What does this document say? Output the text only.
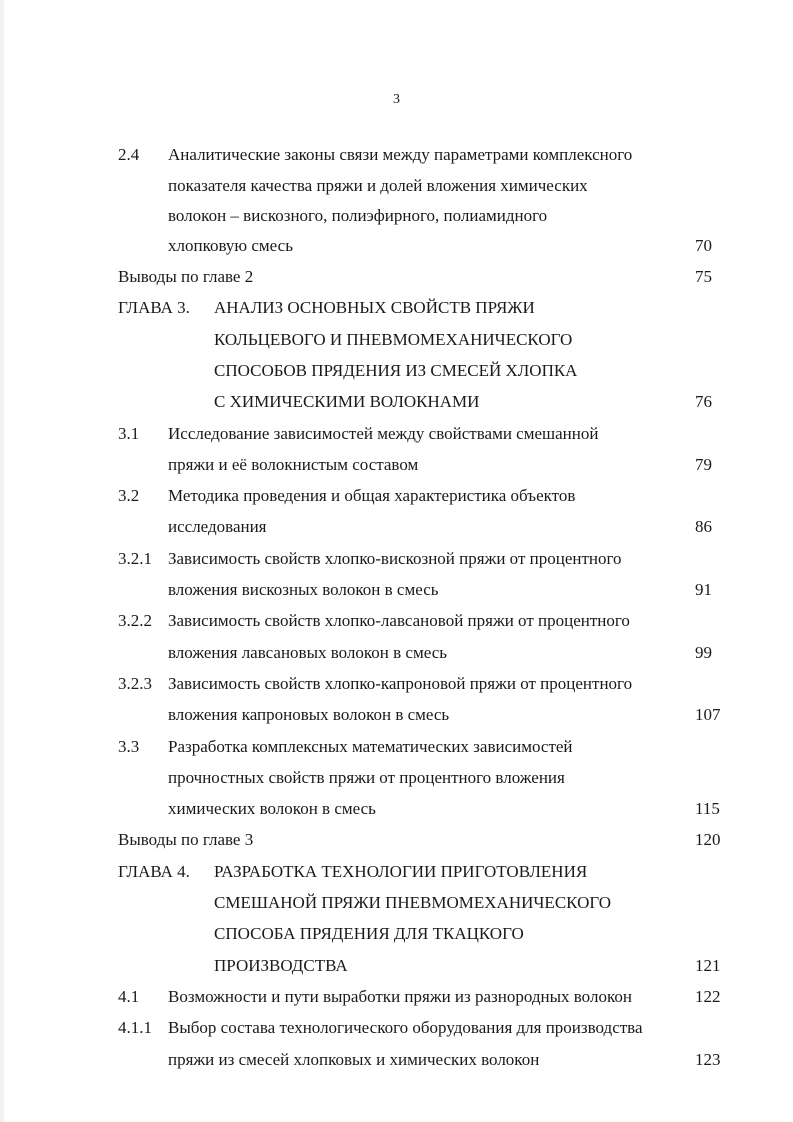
3
2.4 Аналитические законы связи между параметрами комплексного
показателя качества пряжи и долей вложения химических
волокон – вискозного, полиэфирного, полиамидного
хлопковую смесь	70
Выводы по главе 2	75
ГЛАВА 3. АНАЛИЗ ОСНОВНЫХ СВОЙСТВ ПРЯЖИ
КОЛЬЦЕВОГО И ПНЕВМОМЕХАНИЧЕСКОГО
СПОСОБОВ ПРЯДЕНИЯ ИЗ СМЕСЕЙ ХЛОПКА
С ХИМИЧЕСКИМИ ВОЛОКНАМИ	76
3.1 Исследование зависимостей между свойствами смешанной
пряжи и её волокнистым составом	79
3.2 Методика проведения и общая характеристика объектов
исследования	86
3.2.1 Зависимость свойств хлопко-вискозной пряжи от процентного
вложения вискозных волокон в смесь	91
3.2.2 Зависимость свойств хлопко-лавсановой пряжи от процентного
вложения лавсановых волокон в смесь	99
3.2.3 Зависимость свойств хлопко-капроновой пряжи от процентного
вложения капроновых волокон в смесь	107
3.3 Разработка комплексных математических зависимостей
прочностных свойств пряжи от процентного вложения
химических волокон в смесь	115
Выводы по главе 3	120
ГЛАВА 4. РАЗРАБОТКА ТЕХНОЛОГИИ ПРИГОТОВЛЕНИЯ
СМЕШАНОЙ ПРЯЖИ ПНЕВМОМЕХАНИЧЕСКОГО
СПОСОБА ПРЯДЕНИЯ ДЛЯ ТКАЦКОГО
ПРОИЗВОДСТВА	121
4.1 Возможности и пути выработки пряжи из разнородных волокон	122
4.1.1 Выбор состава технологического оборудования для производства
пряжи из смесей хлопковых и химических волокон	123
